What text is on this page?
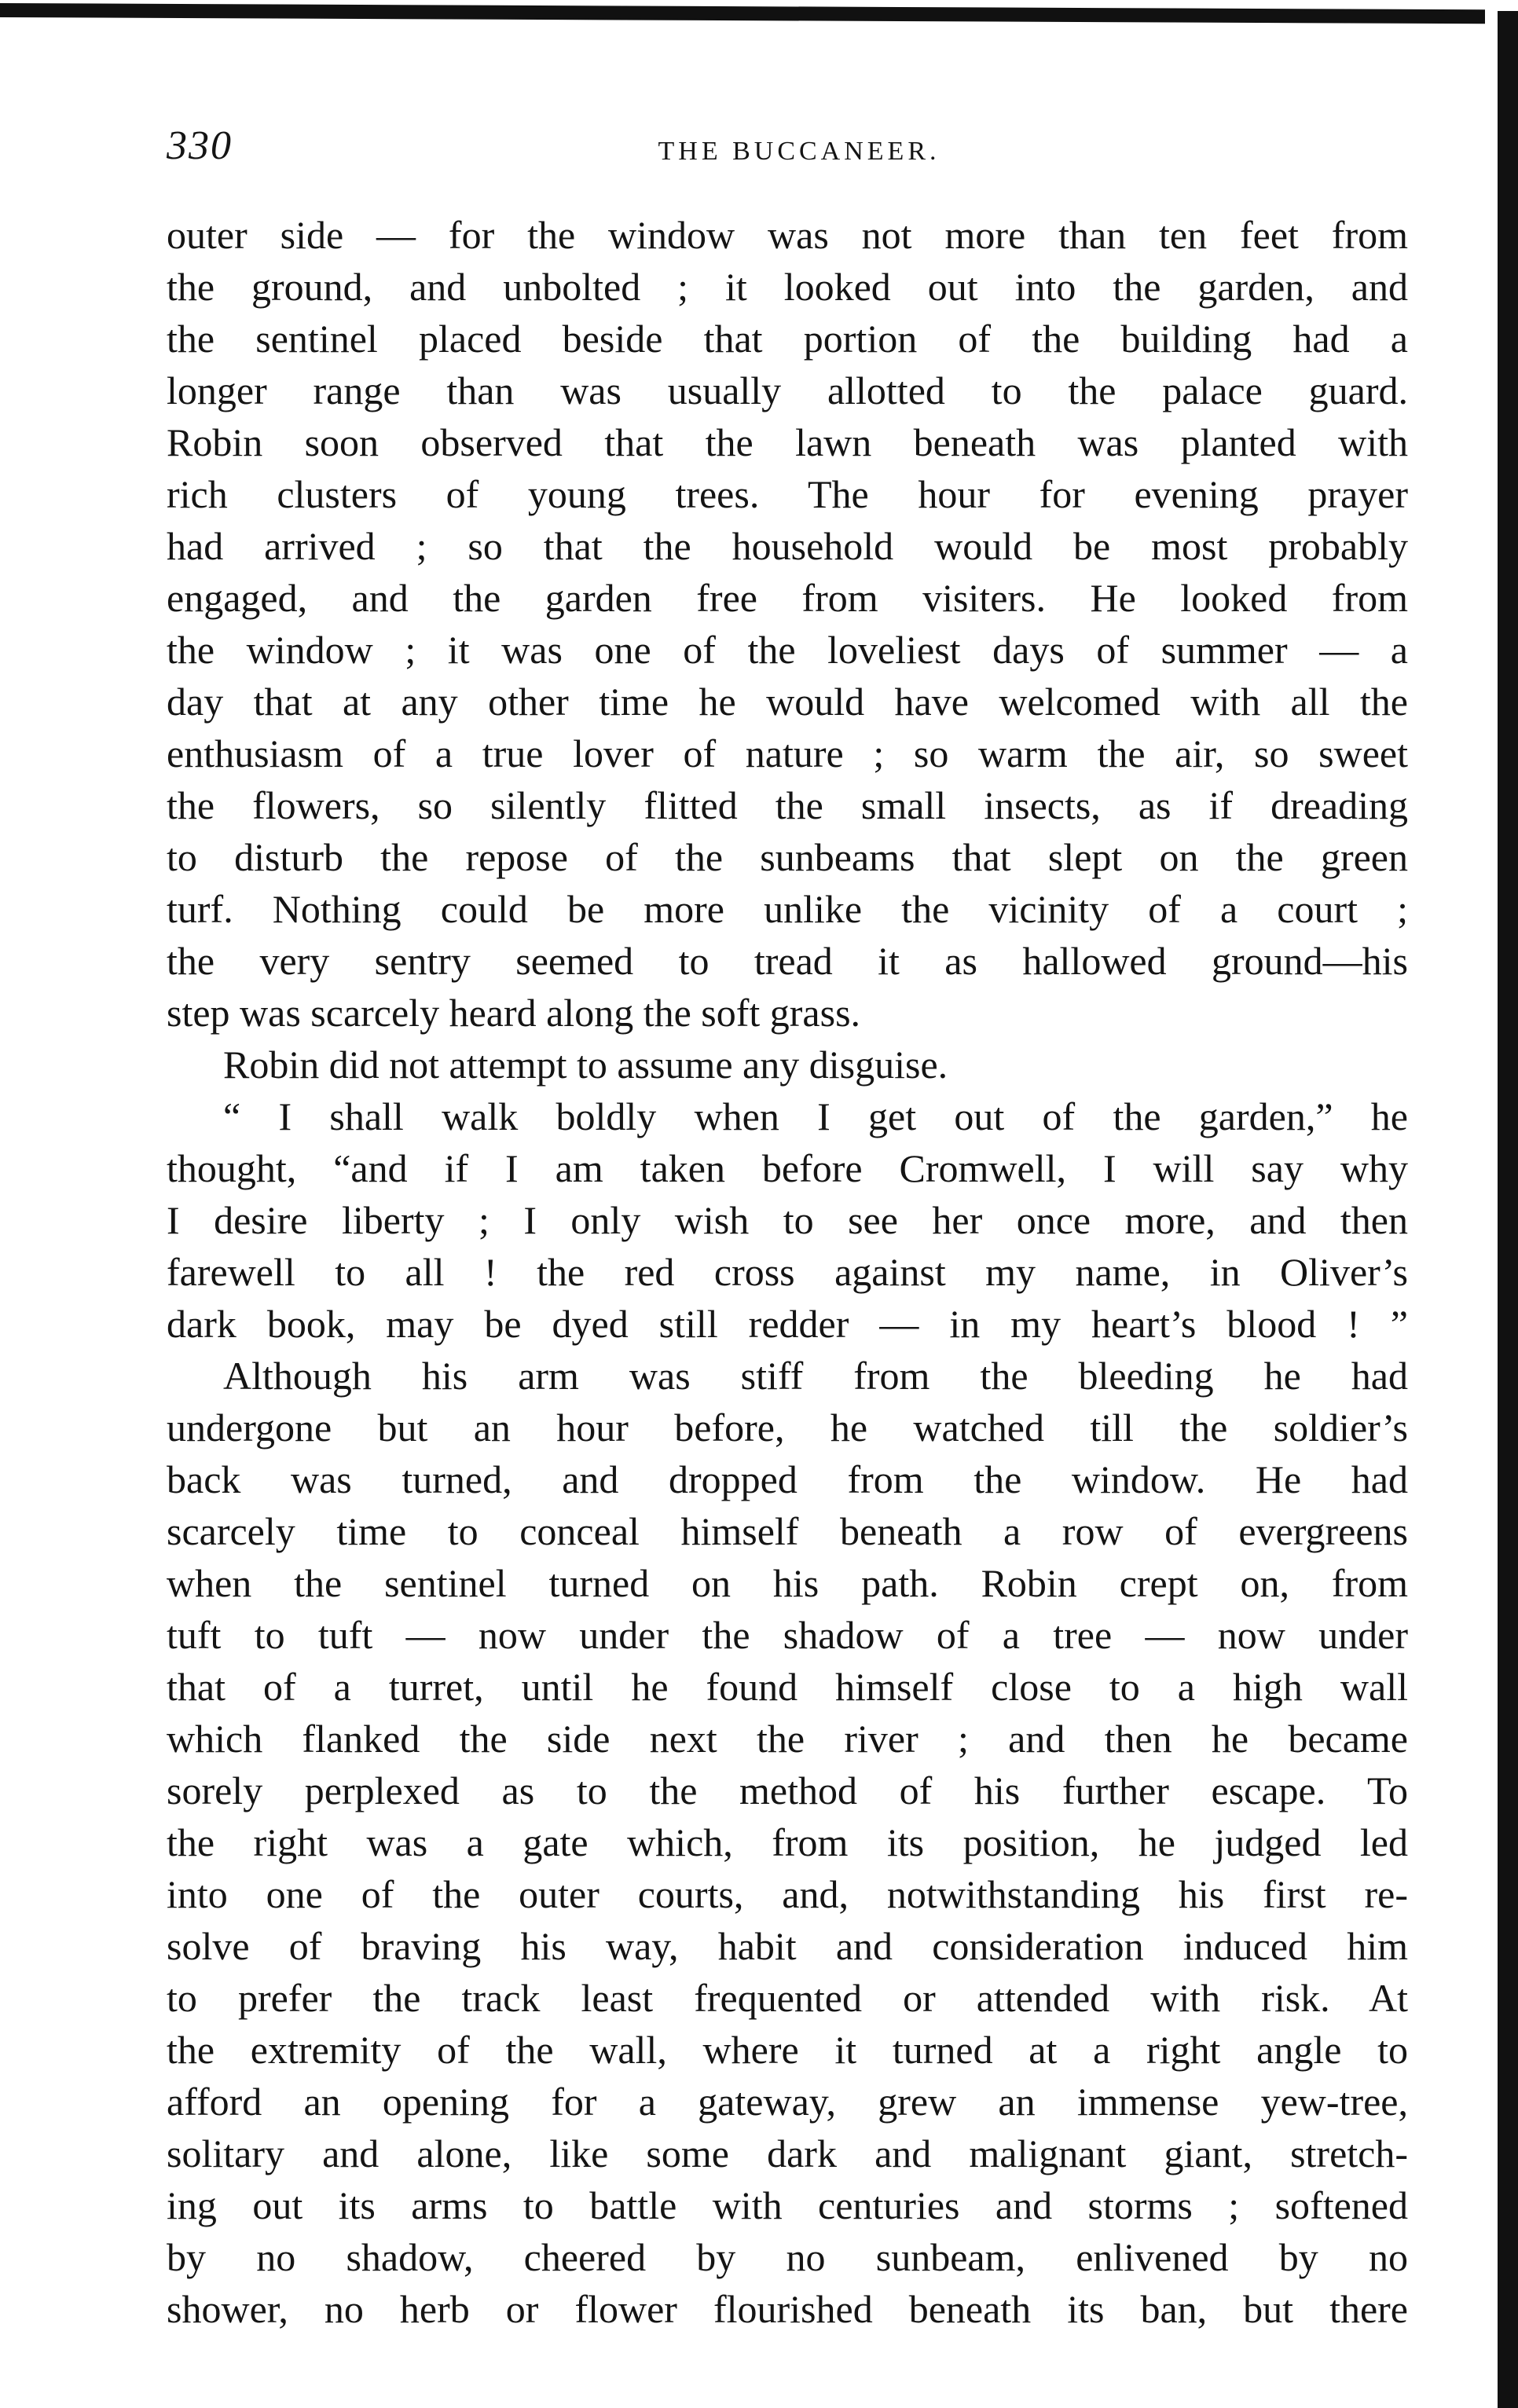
330	THE BUCCANEER.
outer side — for the window was not more than ten feet from
the ground, and unbolted ; it looked out into the garden, and
the sentinel placed beside that portion of the building had a
longer range than was usually allotted to the palace guard.
Robin soon observed that the lawn beneath was planted with
rich clusters of young trees. The hour for evening prayer
had arrived ; so that the household would be most probably
engaged, and the garden free from visiters. He looked from
the window ; it was one of the loveliest days of summer — a
day that at any other time he would have welcomed with all the
enthusiasm of a true lover of nature ; so warm the air, so sweet
the flowers, so silently flitted the small insects, as if dreading
to disturb the repose of the sunbeams that slept on the green
turf. Nothing could be more unlike the vicinity of a court ;
the very sentry seemed to tread it as hallowed ground—his
step was scarcely heard along the soft grass.
Robin did not attempt to assume any disguise.
“ I shall walk boldly when I get out of the garden,” he
thought, “and if I am taken before Cromwell, I will say why
I desire liberty ; I only wish to see her once more, and then
farewell to all ! the red cross against my name, in Oliver’s
dark book, may be dyed still redder — in my heart’s blood ! ”
Although his arm was stiff from the bleeding he had
undergone but an hour before, he watched till the soldier’s
back was turned, and dropped from the window. He had
scarcely time to conceal himself beneath a row of evergreens
when the sentinel turned on his path. Robin crept on, from
tuft to tuft — now under the shadow of a tree — now under
that of a turret, until he found himself close to a high wall
which flanked the side next the river ; and then he became
sorely perplexed as to the method of his further escape. To
the right was a gate which, from its position, he judged led
into one of the outer courts, and, notwithstanding his first re-
solve of braving his way, habit and consideration induced him
to prefer the track least frequented or attended with risk. At
the extremity of the wall, where it turned at a right angle to
afford an opening for a gateway, grew an immense yew-tree,
solitary and alone, like some dark and malignant giant, stretch-
ing out its arms to battle with centuries and storms ; softened
by no shadow, cheered by no sunbeam, enlivened by no
shower, no herb or flower flourished beneath its ban, but there
